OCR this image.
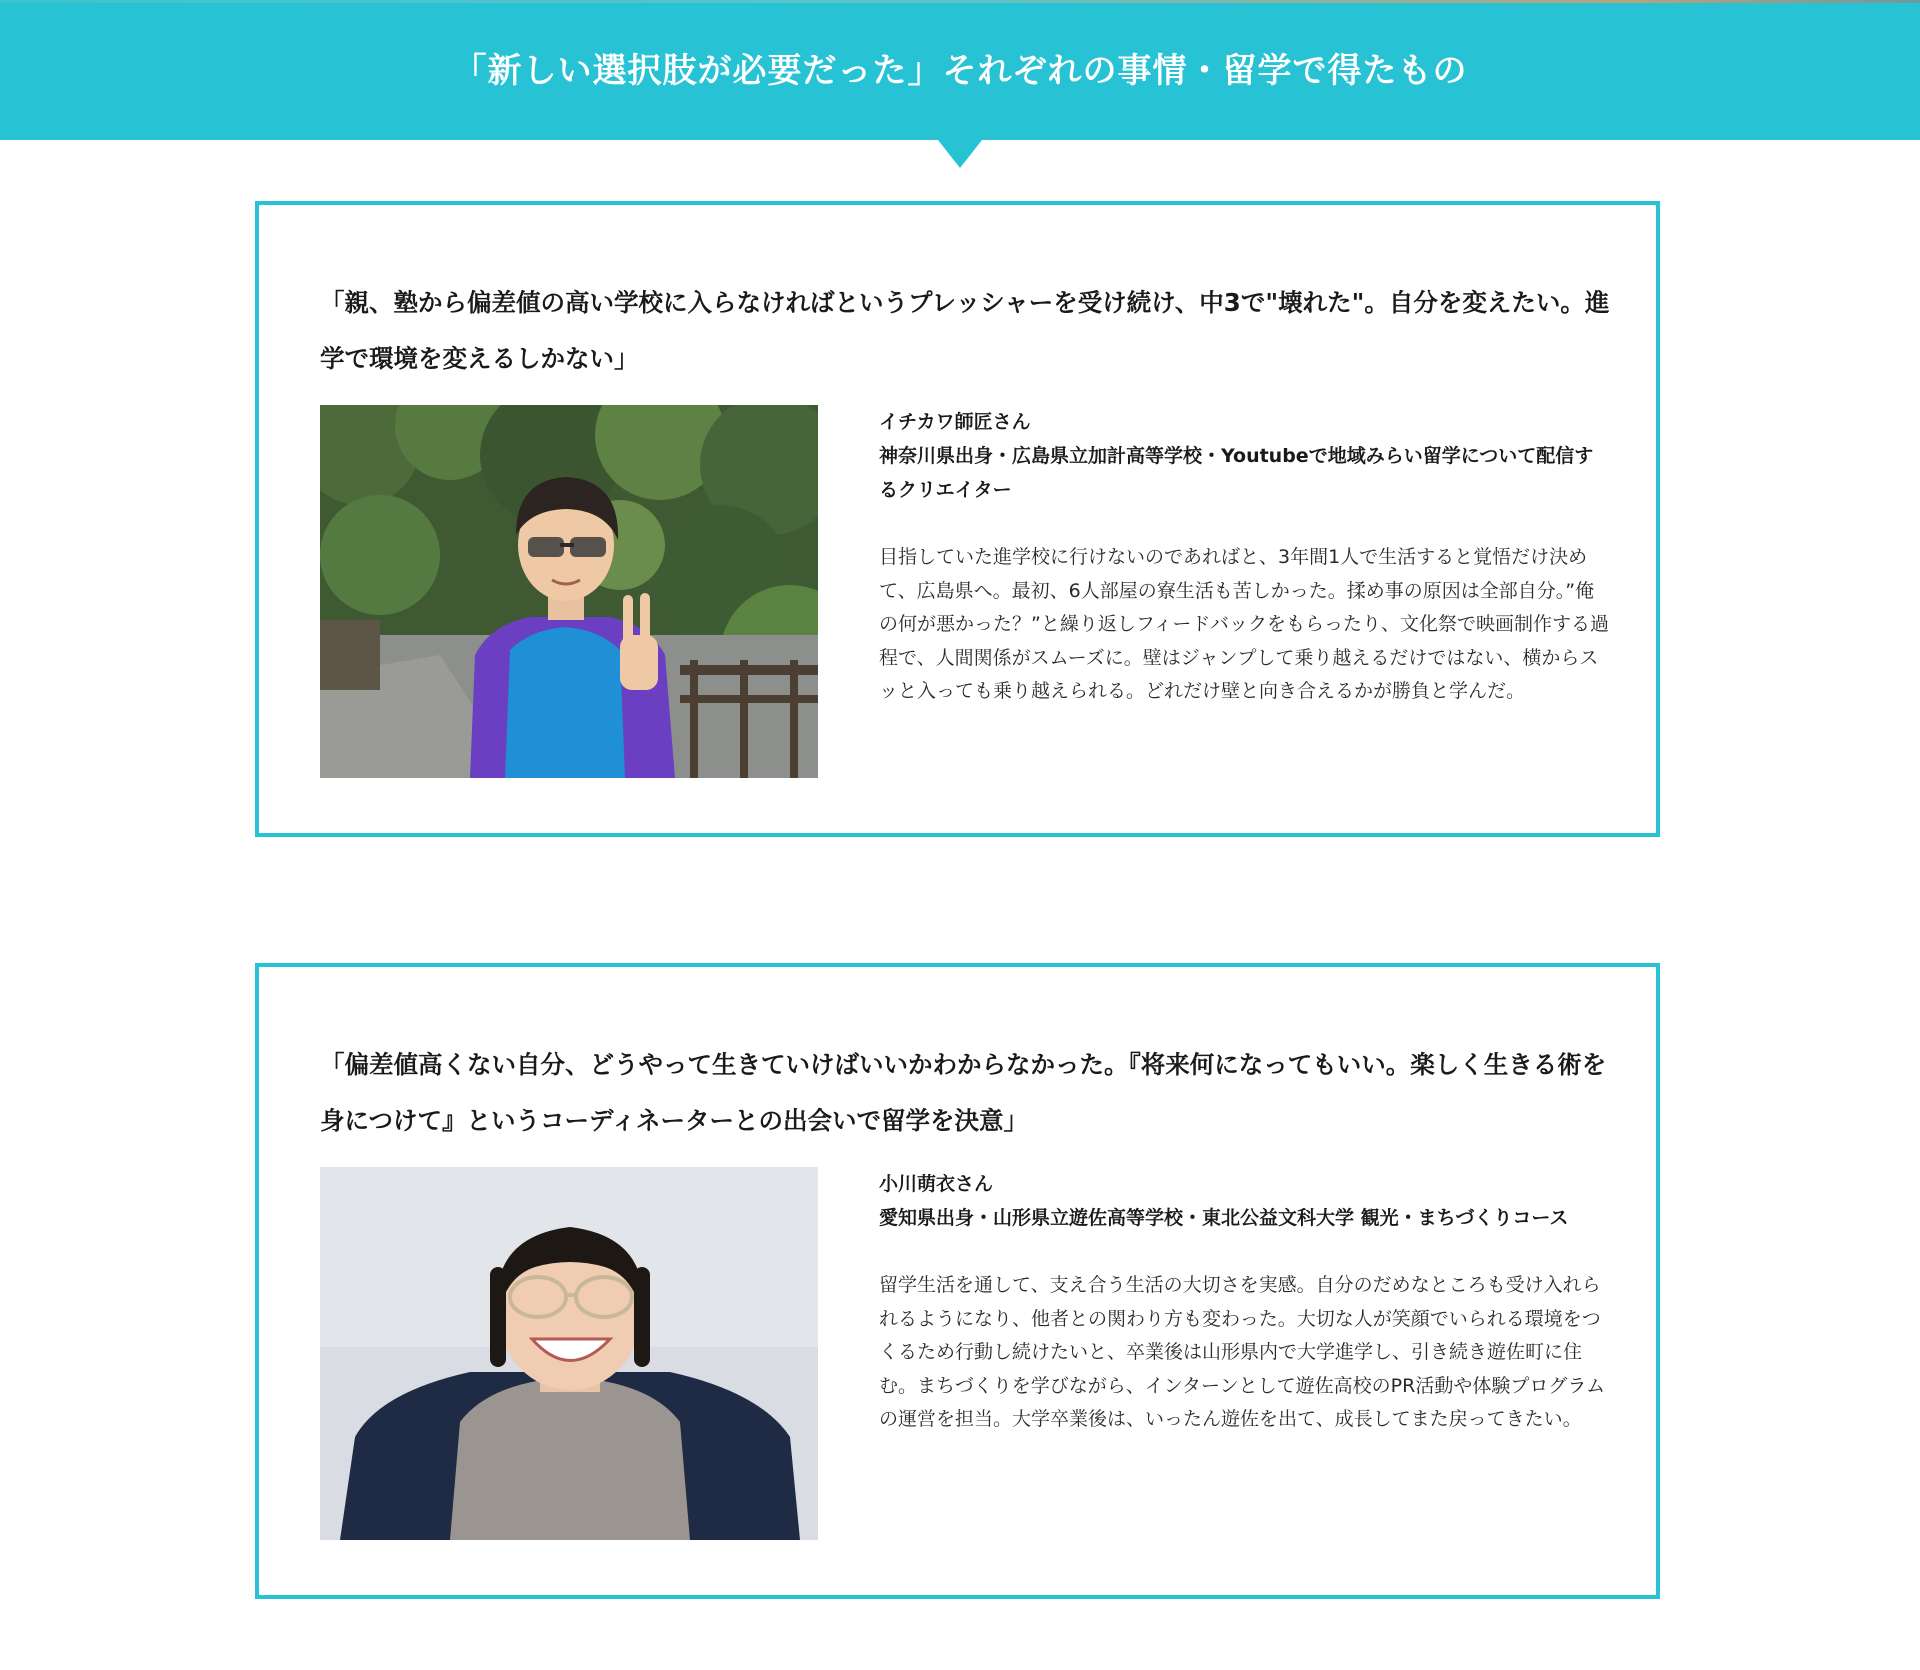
「新しい選択肢が必要だった」それぞれの事情・留学で得たもの
「親、塾から偏差値の高い学校に入らなければというプレッシャーを受け続け、中3で"壊れた"。自分を変えたい。進学で環境を変えるしかない」

イチカワ師匠さん

神奈川県出身・広島県立加計高等学校・Youtubeで地域みらい留学について配信するクリエイター

目指していた進学校に行けないのであればと、3年間1人で生活すると覚悟だけ決めて、広島県へ。最初、6人部屋の寮生活も苦しかった。揉め事の原因は全部自分。”俺の何が悪かった？”と繰り返しフィードバックをもらったり、文化祭で映画制作する過程で、人間関係がスムーズに。壁はジャンプして乗り越えるだけではない、横からスッと入っても乗り越えられる。どれだけ壁と向き合えるかが勝負と学んだ。
「偏差値高くない自分、どうやって生きていけばいいかわからなかった。『将来何になってもいい。楽しく生きる術を身につけて』というコーディネーターとの出会いで留学を決意」

小川萌衣さん

愛知県出身・山形県立遊佐高等学校・東北公益文科大学 観光・まちづくりコース

留学生活を通して、支え合う生活の大切さを実感。自分のだめなところも受け入れられるようになり、他者との関わり方も変わった。大切な人が笑顔でいられる環境をつくるため行動し続けたいと、卒業後は山形県内で大学進学し、引き続き遊佐町に住む。まちづくりを学びながら、インターンとして遊佐高校のPR活動や体験プログラムの運営を担当。大学卒業後は、いったん遊佐を出て、成長してまた戻ってきたい。
